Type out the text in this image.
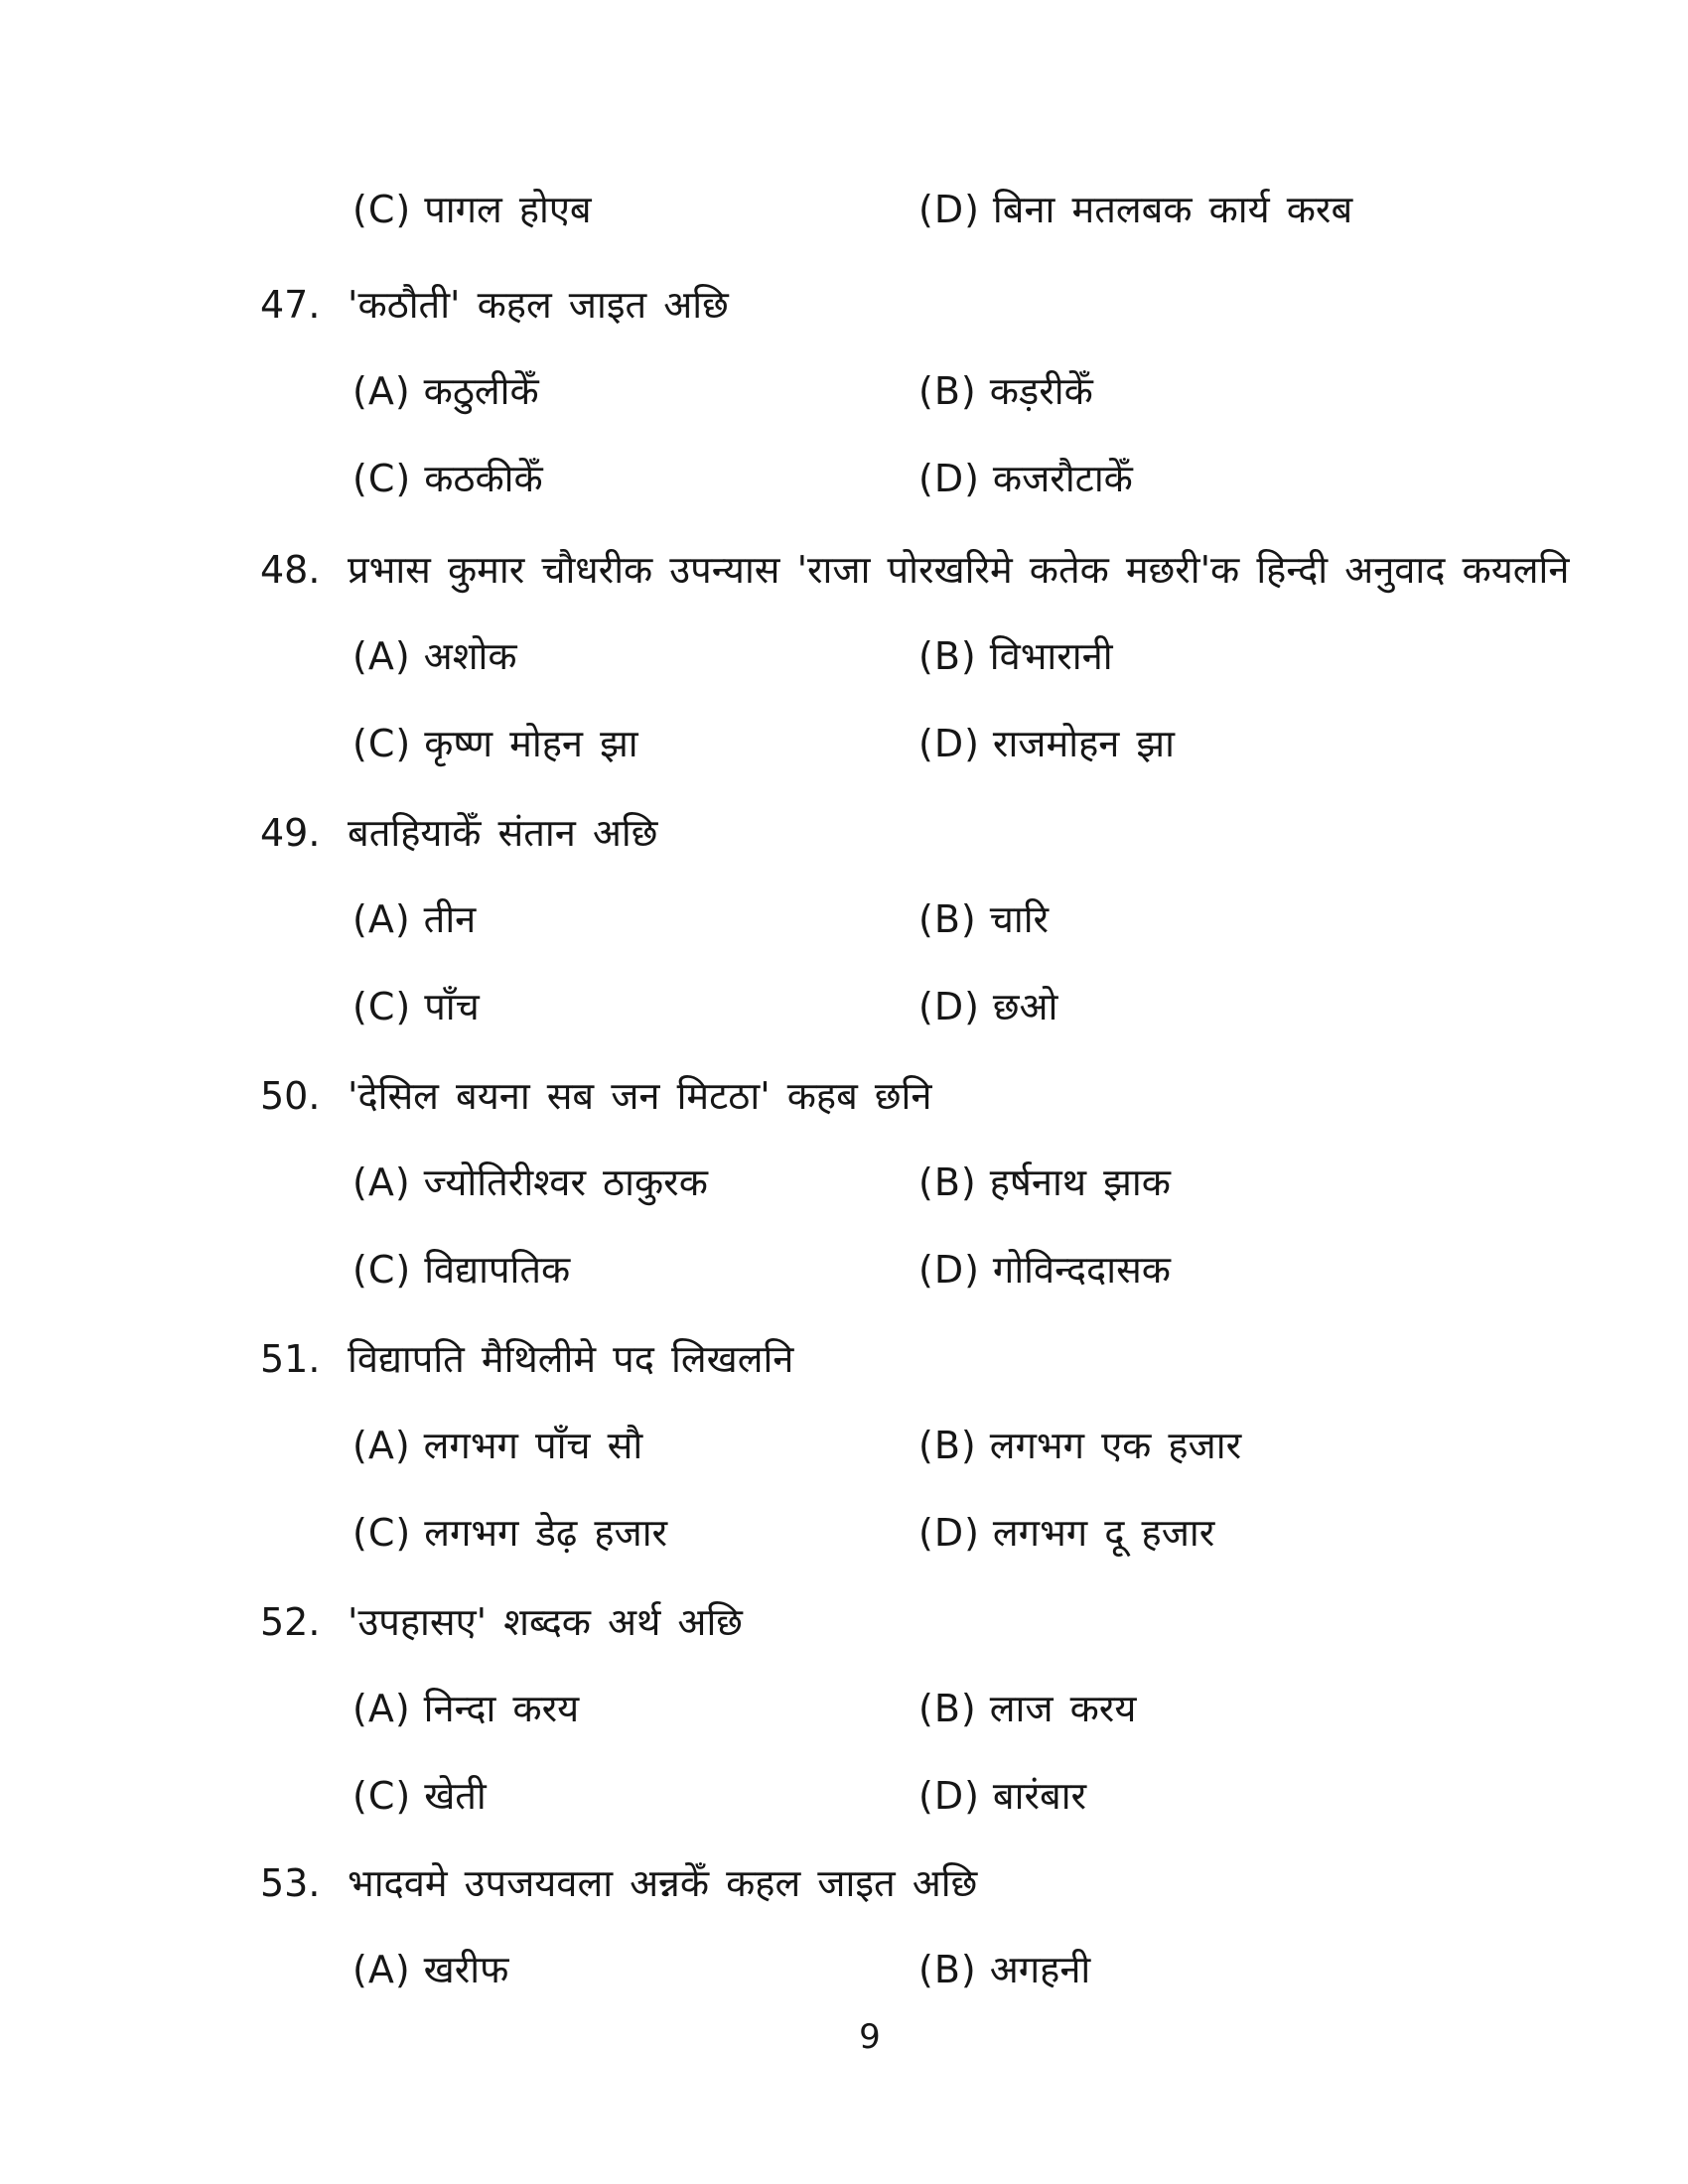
(C) पागल होएब	(D) बिना मतलबक कार्य करब
47. 'कठौती' कहल जाइत अछि
(A) कठुलीकेँ	(B) कड़रीकेँ
(C) कठकीकेँ	(D) कजरौटाकेँ
48. प्रभास कुमार चौधरीक उपन्यास 'राजा पोरखरिमे कतेक मछरी'क हिन्दी अनुवाद कयलनि
(A) अशोक	(B) विभारानी
(C) कृष्ण मोहन झा	(D) राजमोहन झा
49. बतहियाकेँ संतान अछि
(A) तीन	(B) चारि
(C) पाँच	(D) छओ
50. 'देसिल बयना सब जन मिटठा' कहब छनि
(A) ज्योतिरीश्वर ठाकुरक	(B) हर्षनाथ झाक
(C) विद्यापतिक	(D) गोविन्ददासक
51. विद्यापति मैथिलीमे पद लिखलनि
(A) लगभग पाँच सौ	(B) लगभग एक हजार
(C) लगभग डेढ़ हजार	(D) लगभग दू हजार
52. 'उपहासए' शब्दक अर्थ अछि
(A) निन्दा करय	(B) लाज करय
(C) खेती	(D) बारंबार
53. भादवमे उपजयवला अन्नकेँ कहल जाइत अछि
(A) खरीफ	(B) अगहनी
9
